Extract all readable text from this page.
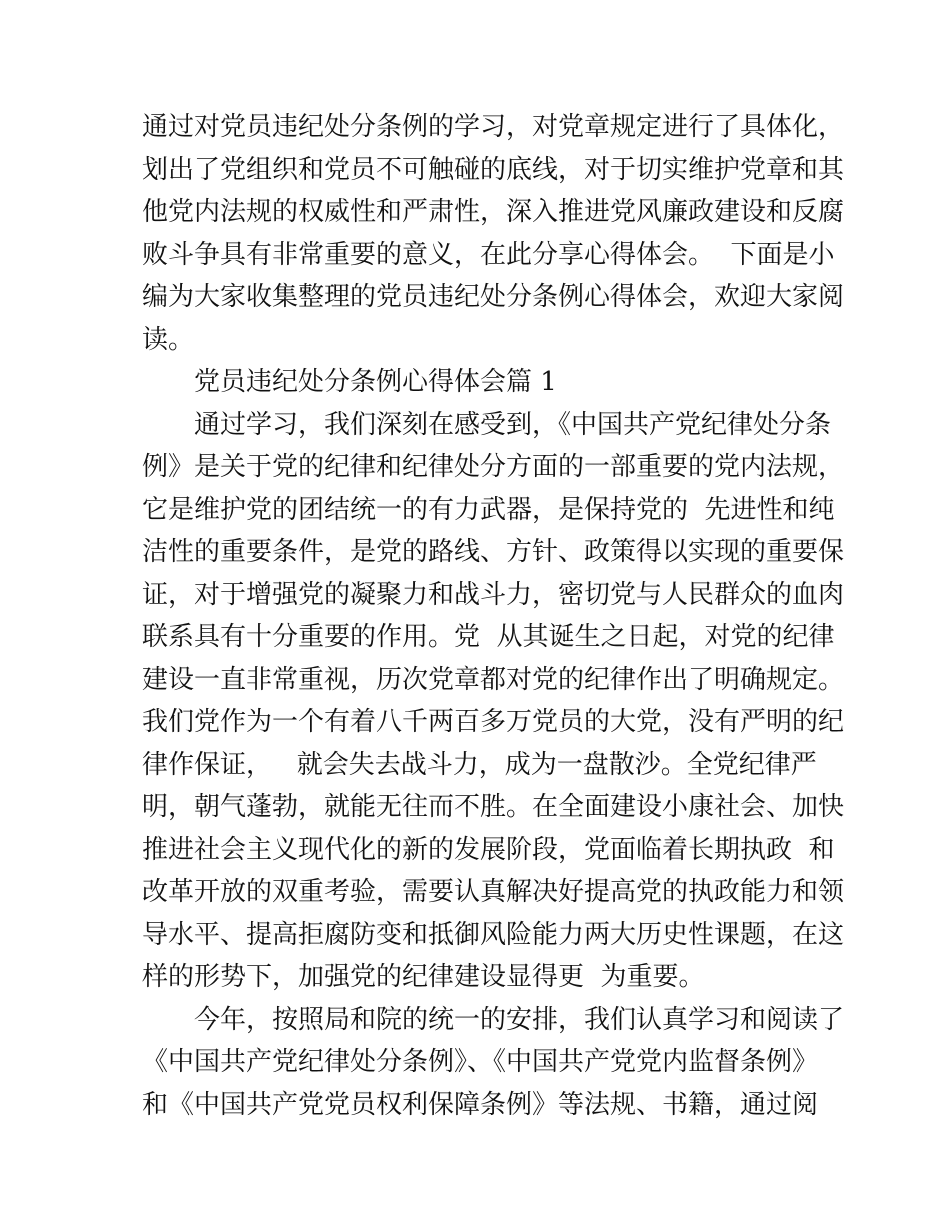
通过对党员违纪处分条例的学习，对党章规定进行了具体化，
划出了党组织和党员不可触碰的底线，对于切实维护党章和其
他党内法规的权威性和严肃性，深入推进党风廉政建设和反腐
败斗争具有非常重要的意义，在此分享心得体会。  下面是小
编为大家收集整理的党员违纪处分条例心得体会，欢迎大家阅
读。
党员违纪处分条例心得体会篇 1
通过学习，我们深刻在感受到，《中国共产党纪律处分条
例》是关于党的纪律和纪律处分方面的一部重要的党内法规，
它是维护党的团结统一的有力武器，是保持党的  先进性和纯
洁性的重要条件，是党的路线、方针、政策得以实现的重要保
证，对于增强党的凝聚力和战斗力，密切党与人民群众的血肉
联系具有十分重要的作用。党  从其诞生之日起，对党的纪律
建设一直非常重视，历次党章都对党的纪律作出了明确规定。
我们党作为一个有着八千两百多万党员的大党，没有严明的纪
律作保证，   就会失去战斗力，成为一盘散沙。全党纪律严
明，朝气蓬勃，就能无往而不胜。在全面建设小康社会、加快
推进社会主义现代化的新的发展阶段，党面临着长期执政  和
改革开放的双重考验，需要认真解决好提高党的执政能力和领
导水平、提高拒腐防变和抵御风险能力两大历史性课题，在这
样的形势下，加强党的纪律建设显得更  为重要。
今年，按照局和院的统一的安排，我们认真学习和阅读了
《中国共产党纪律处分条例》、《中国共产党党内监督条例》
和《中国共产党党员权利保障条例》等法规、书籍，通过阅
